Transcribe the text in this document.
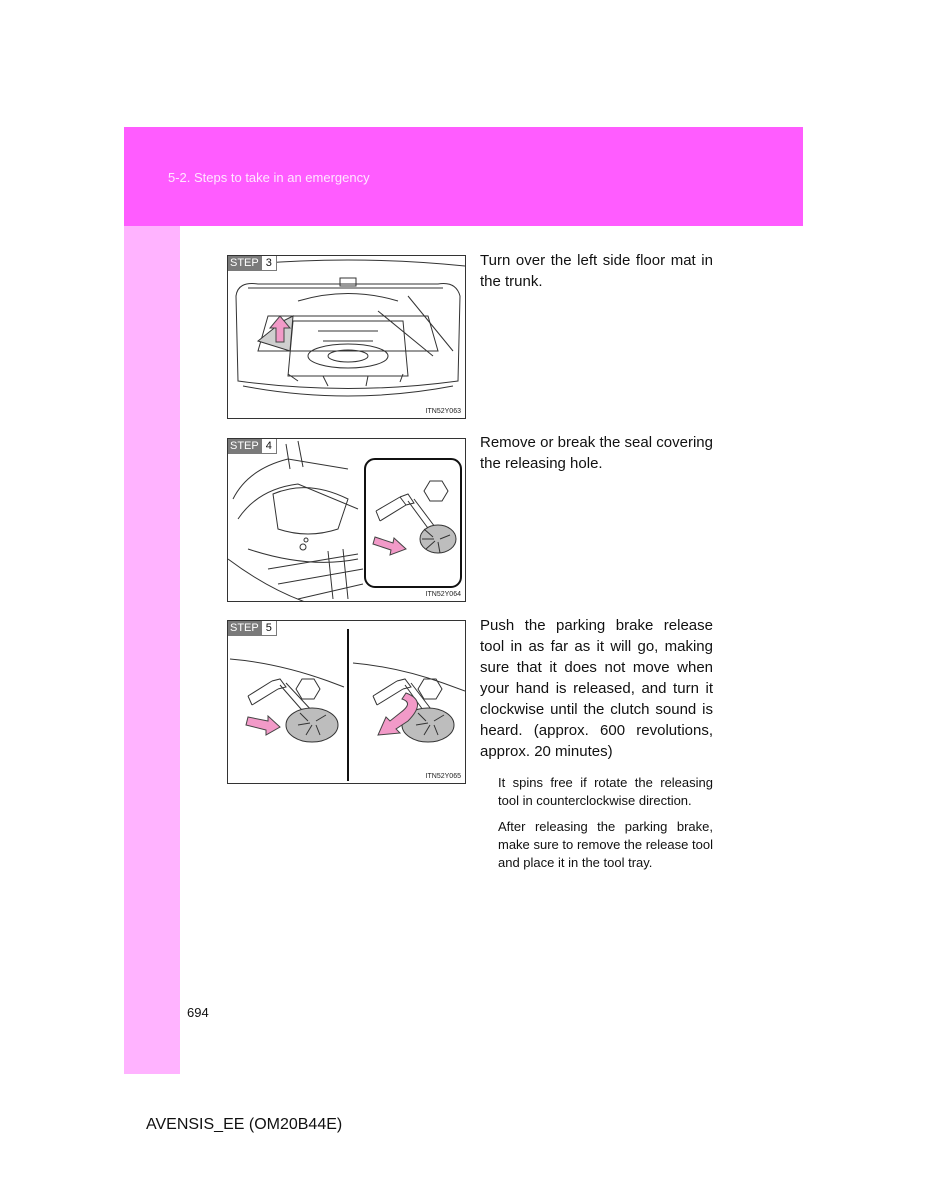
5-2. Steps to take in an emergency
STEP 3
ITN52Y063

Turn over the left side floor mat in the trunk.

STEP 4
ITN52Y064

Remove or break the seal covering the releasing hole.

STEP 5
ITN52Y065

Push the parking brake release tool in as far as it will go, making sure that it does not move when your hand is released, and turn it clockwise until the clutch sound is heard. (approx. 600 revolutions, approx. 20 minutes)

It spins free if rotate the releasing tool in counterclockwise direction.

After releasing the parking brake, make sure to remove the release tool and place it in the tool tray.

694
AVENSIS_EE (OM20B44E)
